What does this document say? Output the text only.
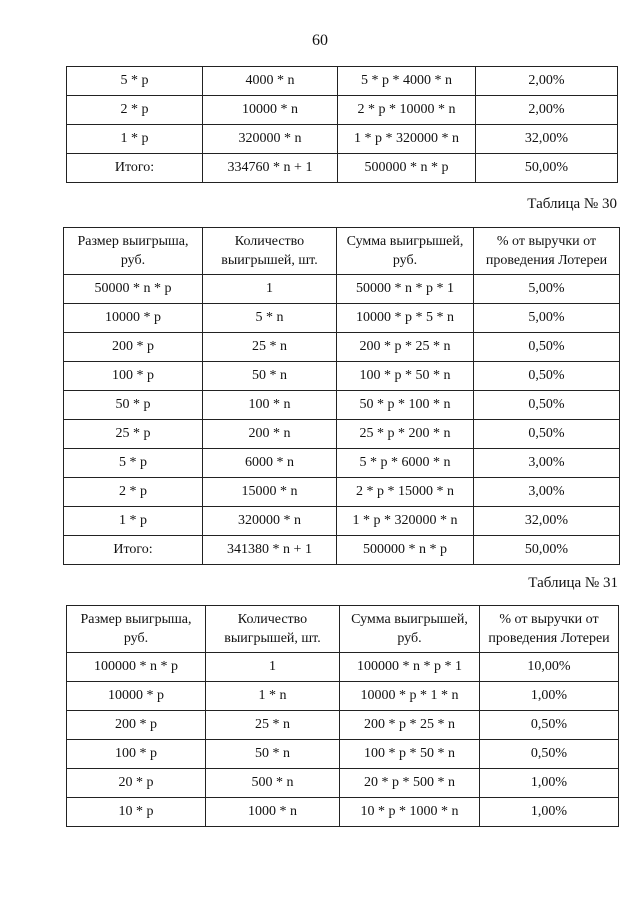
60
5 * p	4000 * n	5 * p * 4000 * n	2,00%
2 * p	10000 * n	2 * p * 10000 * n	2,00%
1 * p	320000 * n	1 * p * 320000 * n	32,00%
Итого:	334760 * n + 1	500000 * n * p	50,00%
Таблица № 30
Размер выигрыша, руб.	Количество выигрышей, шт.	Сумма выигрышей, руб.	% от выручки от проведения Лотереи
50000 * n * p	1	50000 * n * p * 1	5,00%
10000 * p	5 * n	10000 * p * 5 * n	5,00%
200 * p	25 * n	200 * p * 25 * n	0,50%
100 * p	50 * n	100 * p * 50 * n	0,50%
50 * p	100 * n	50 * p * 100 * n	0,50%
25 * p	200 * n	25 * p * 200 * n	0,50%
5 * p	6000 * n	5 * p * 6000 * n	3,00%
2 * p	15000 * n	2 * p * 15000 * n	3,00%
1 * p	320000 * n	1 * p * 320000 * n	32,00%
Итого:	341380 * n + 1	500000 * n * p	50,00%
Таблица № 31
Размер выигрыша, руб.	Количество выигрышей, шт.	Сумма выигрышей, руб.	% от выручки от проведения Лотереи
100000 * n * p	1	100000 * n * p * 1	10,00%
10000 * p	1 * n	10000 * p * 1 * n	1,00%
200 * p	25 * n	200 * p * 25 * n	0,50%
100 * p	50 * n	100 * p * 50 * n	0,50%
20 * p	500 * n	20 * p * 500 * n	1,00%
10 * p	1000 * n	10 * p * 1000 * n	1,00%
